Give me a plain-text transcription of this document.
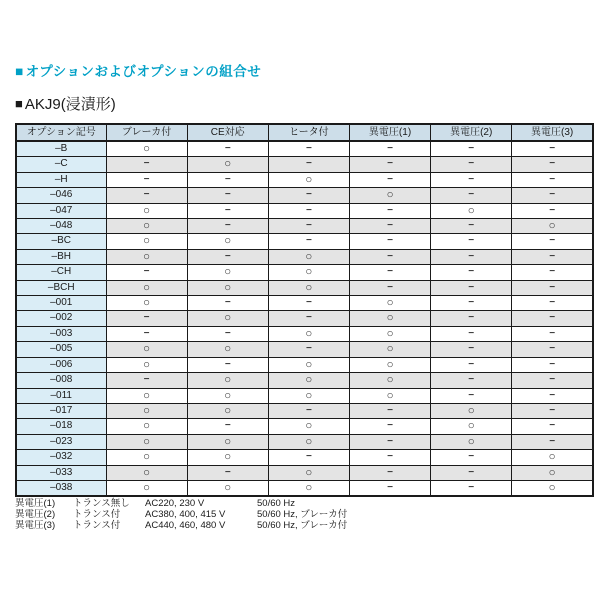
■ オプションおよびオプションの組合せ
■ AKJ9(浸漬形)
オプション記号	ブレーカ付	CE対応	ヒータ付	異電圧(1)	異電圧(2)	異電圧(3)
–B	○	−	−	−	−	−
–C	−	○	−	−	−	−
–H	−	−	○	−	−	−
–046	−	−	−	○	−	−
–047	○	−	−	−	○	−
–048	○	−	−	−	−	○
–BC	○	○	−	−	−	−
–BH	○	−	○	−	−	−
–CH	−	○	○	−	−	−
–BCH	○	○	○	−	−	−
–001	○	−	−	○	−	−
–002	−	○	−	○	−	−
–003	−	−	○	○	−	−
–005	○	○	−	○	−	−
–006	○	−	○	○	−	−
–008	−	○	○	○	−	−
–011	○	○	○	○	−	−
–017	○	○	−	−	○	−
–018	○	−	○	−	○	−
–023	○	○	○	−	○	−
–032	○	○	−	−	−	○
–033	○	−	○	−	−	○
–038	○	○	○	−	−	○
異電圧(1)	トランス無し	AC220, 230 V	50/60 Hz
異電圧(2)	トランス付	AC380, 400, 415 V	50/60 Hz, ブレーカ付
異電圧(3)	トランス付	AC440, 460, 480 V	50/60 Hz, ブレーカ付
